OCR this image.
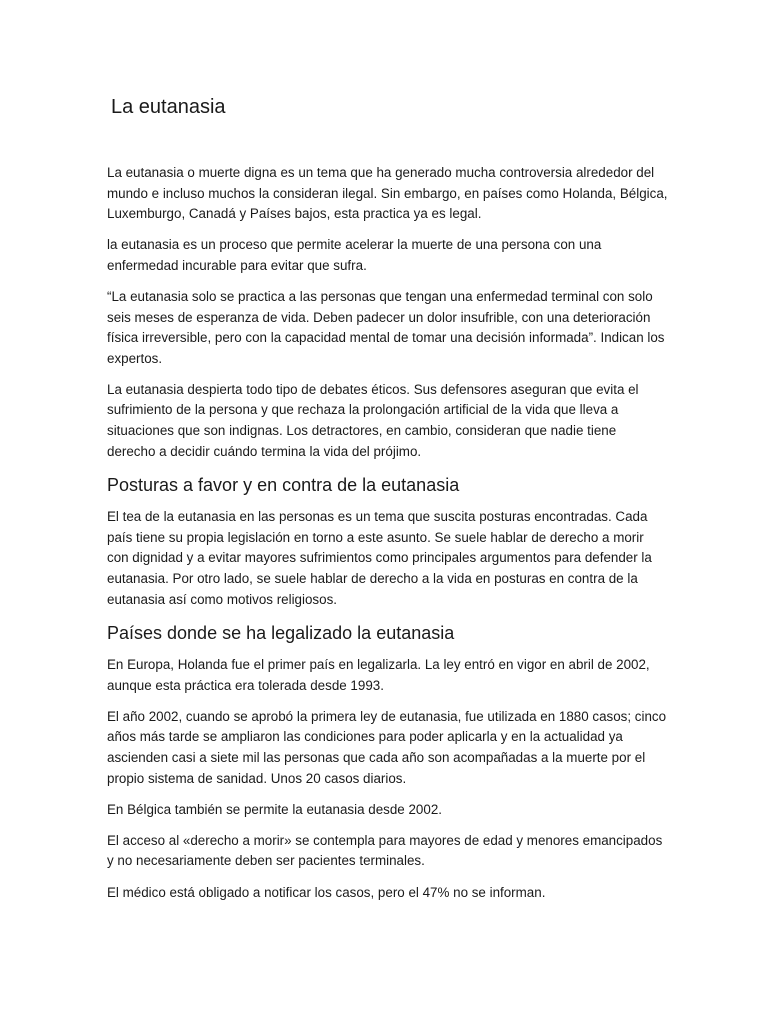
La eutanasia

La eutanasia o muerte digna es un tema que ha generado mucha controversia alrededor del mundo e incluso muchos la consideran ilegal. Sin embargo, en países como Holanda, Bélgica, Luxemburgo, Canadá y Países bajos, esta practica ya es legal.

la eutanasia es un proceso que permite acelerar la muerte de una persona con una enfermedad incurable para evitar que sufra.

“La eutanasia solo se practica a las personas que tengan una enfermedad terminal con solo seis meses de esperanza de vida. Deben padecer un dolor insufrible, con una deterioración física irreversible, pero con la capacidad mental de tomar una decisión informada”. Indican los expertos.

La eutanasia despierta todo tipo de debates éticos. Sus defensores aseguran que evita el sufrimiento de la persona y que rechaza la prolongación artificial de la vida que lleva a situaciones que son indignas. Los detractores, en cambio, consideran que nadie tiene derecho a decidir cuándo termina la vida del prójimo.

Posturas a favor y en contra de la eutanasia

El tea de la eutanasia en las personas es un tema que suscita posturas encontradas. Cada país tiene su propia legislación en torno a este asunto. Se suele hablar de derecho a morir con dignidad y a evitar mayores sufrimientos como principales argumentos para defender la eutanasia. Por otro lado, se suele hablar de derecho a la vida en posturas en contra de la eutanasia así como motivos religiosos.

Países donde se ha legalizado la eutanasia

En Europa, Holanda fue el primer país en legalizarla. La ley entró en vigor en abril de 2002, aunque esta práctica era tolerada desde 1993.

El año 2002, cuando se aprobó la primera ley de eutanasia, fue utilizada en 1880 casos; cinco años más tarde se ampliaron las condiciones para poder aplicarla y en la actualidad ya ascienden casi a siete mil las personas que cada año son acompañadas a la muerte por el propio sistema de sanidad. Unos 20 casos diarios.

En Bélgica también se permite la eutanasia desde 2002.

El acceso al «derecho a morir» se contempla para mayores de edad y menores emancipados y no necesariamente deben ser pacientes terminales.

El médico está obligado a notificar los casos, pero el 47% no se informan.
